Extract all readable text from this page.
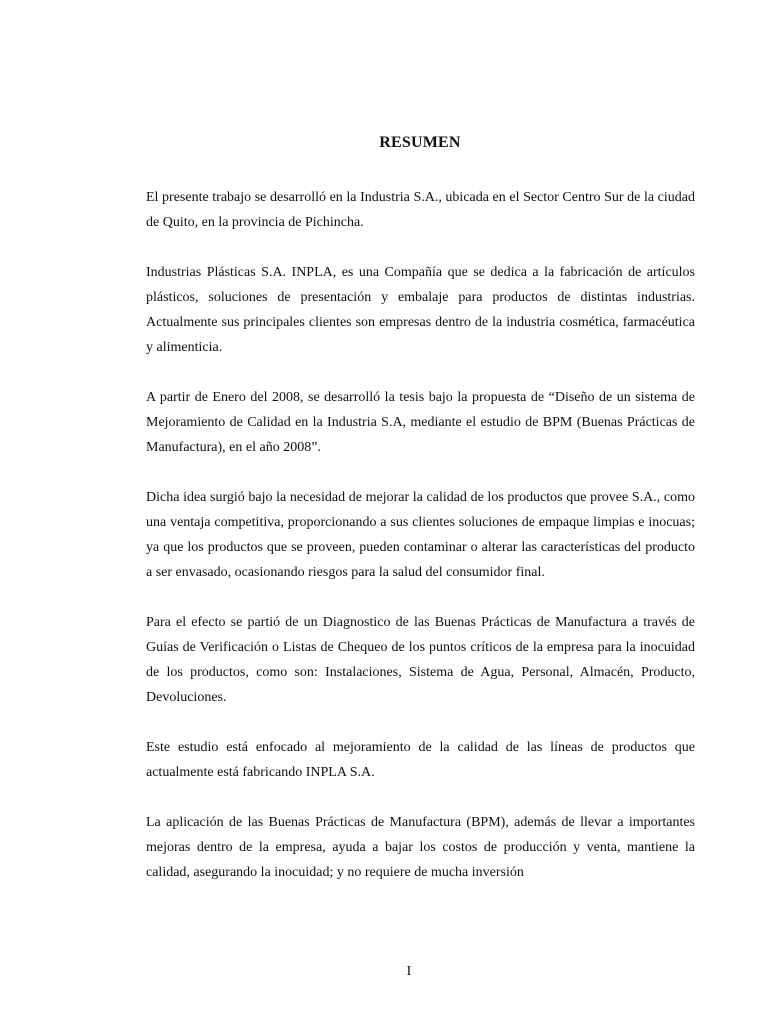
RESUMEN

El presente trabajo se desarrolló en la Industria S.A., ubicada en el Sector Centro Sur de la ciudad de Quito, en la provincia de Pichincha.

Industrias Plásticas S.A. INPLA, es una Compañía que se dedica a la fabricación de artículos plásticos, soluciones de presentación y embalaje para productos de distintas industrias. Actualmente sus principales clientes son empresas dentro de la industria cosmética, farmacéutica y alimenticia.

A partir de Enero del 2008, se desarrolló la tesis bajo la propuesta de “Diseño de un sistema de Mejoramiento de Calidad en la Industria S.A, mediante el estudio de BPM (Buenas Prácticas de Manufactura), en el año 2008”.

Dicha idea surgió bajo la necesidad de mejorar la calidad de los productos que provee S.A., como una ventaja competitiva, proporcionando a sus clientes soluciones de empaque limpias e inocuas; ya que los productos que se proveen, pueden contaminar o alterar las características del producto a ser envasado, ocasionando riesgos para la salud del consumidor final.

Para el efecto se partió de un Diagnostico de las Buenas Prácticas de Manufactura a través de Guías de Verificación o Listas de Chequeo de los puntos críticos de la empresa para la inocuidad de los productos, como son: Instalaciones, Sistema de Agua, Personal, Almacén, Producto, Devoluciones.

Este estudio está enfocado al mejoramiento de la calidad de las líneas de productos que actualmente está fabricando INPLA S.A.

La aplicación de las Buenas Prácticas de Manufactura (BPM), además de llevar a importantes mejoras dentro de la empresa, ayuda a bajar los costos de producción y venta, mantiene la calidad, asegurando la inocuidad; y no requiere de mucha inversión

I
